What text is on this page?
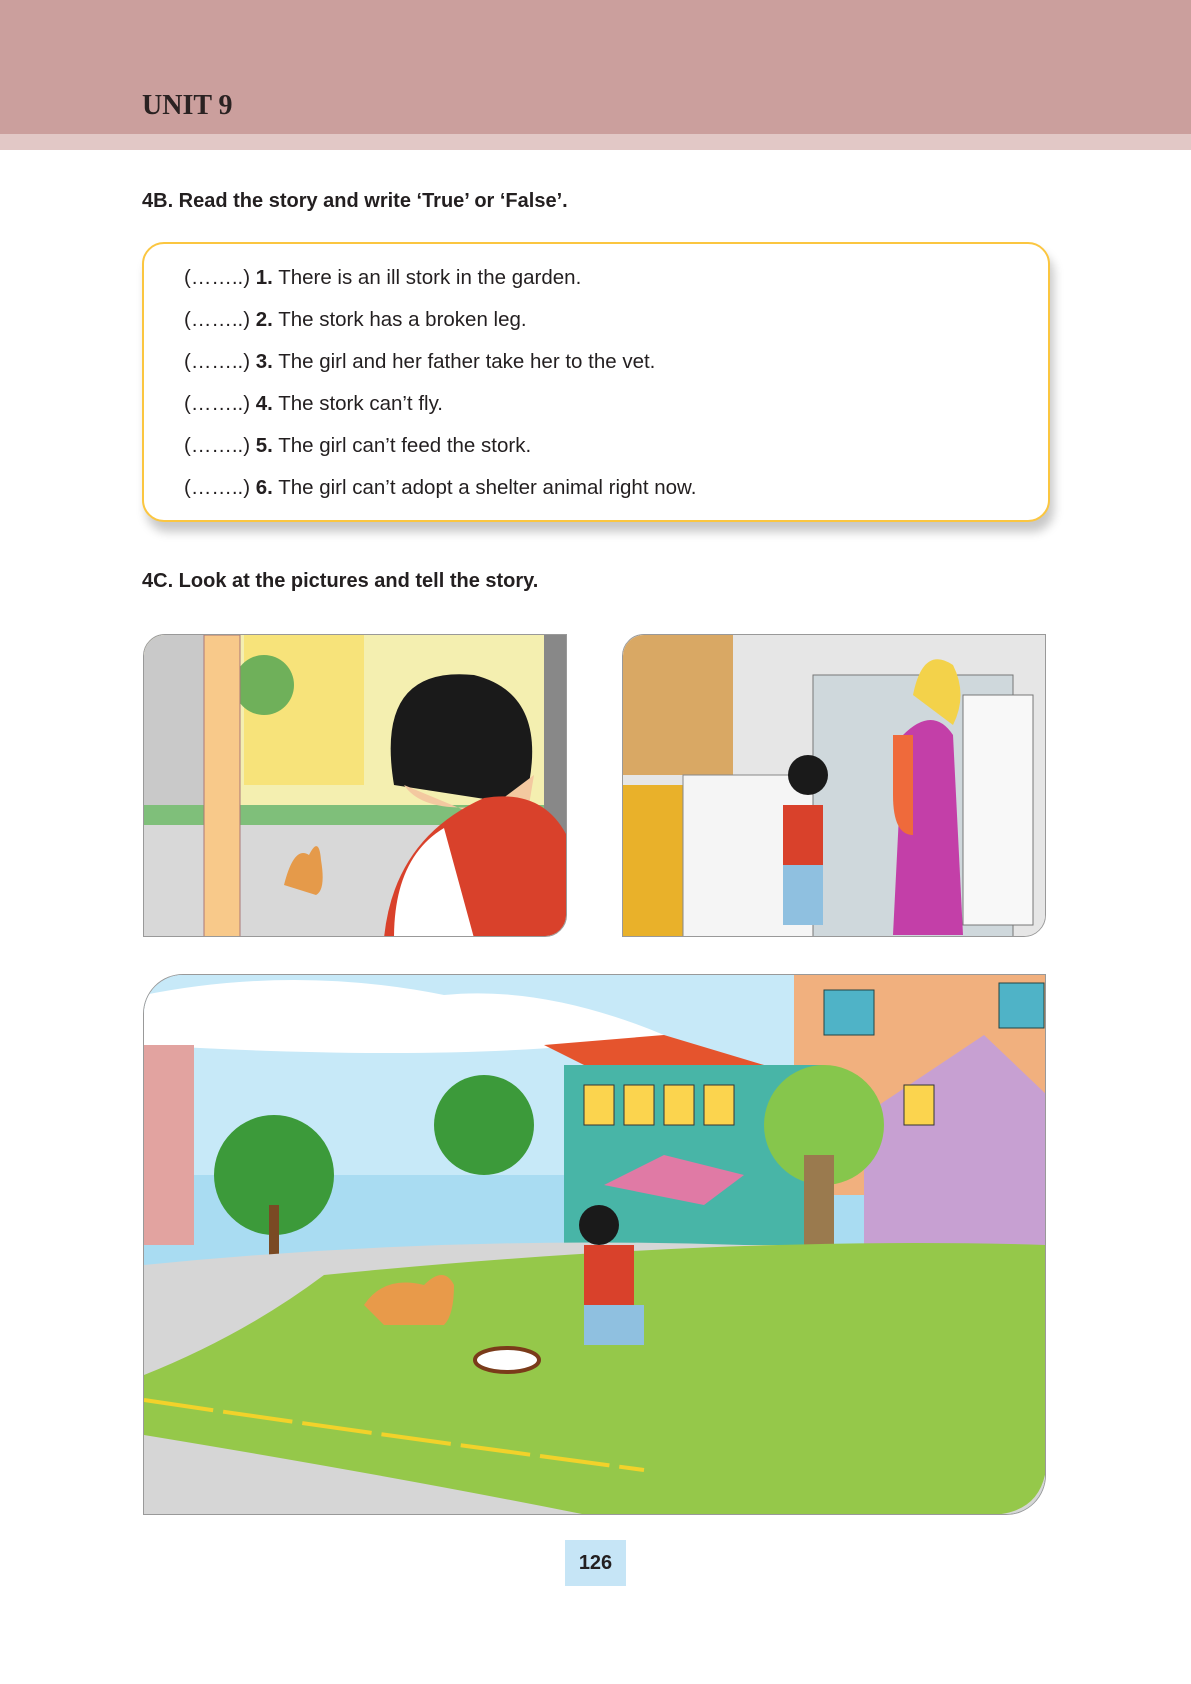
UNIT 9
4B. Read the story and write ‘True’ or ‘False’.
(……..) 1. There is an ill stork in the garden.
(……..) 2. The stork has a broken leg.
(……..) 3. The girl and her father take her to the vet.
(……..) 4. The stork can’t fly.
(……..) 5. The girl can’t feed the stork.
(……..) 6. The girl can’t adopt a shelter animal right now.
4C. Look at the pictures and tell the story.
126
